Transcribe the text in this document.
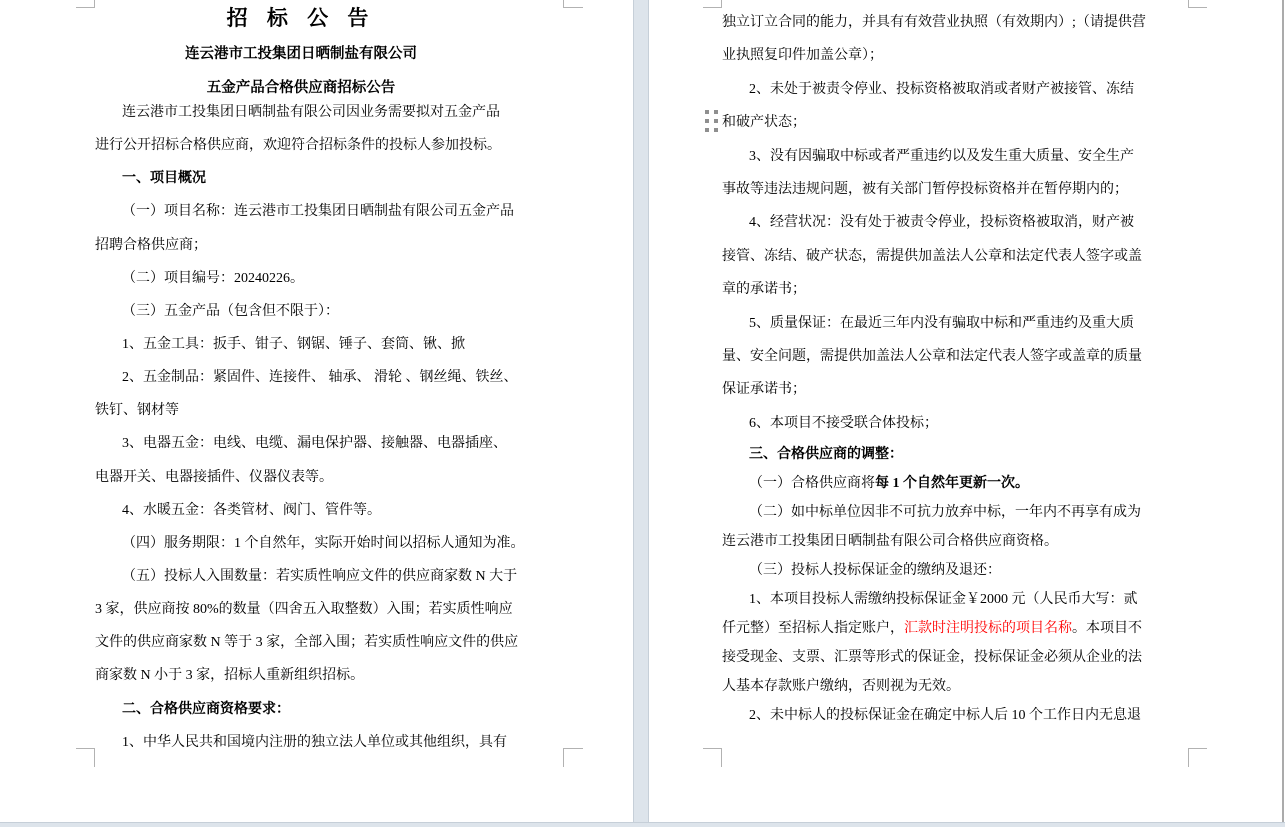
招 标 公 告
连云港市工投集团日晒制盐有限公司
五金产品合格供应商招标公告
连云港市工投集团日晒制盐有限公司因业务需要拟对五金产品
进行公开招标合格供应商，欢迎符合招标条件的投标人参加投标。
一、项目概况
（一）项目名称：连云港市工投集团日晒制盐有限公司五金产品
招聘合格供应商；
（二）项目编号：20240226。
（三）五金产品（包含但不限于）：
1、五金工具：扳手、钳子、钢锯、锤子、套筒、锹、掀
2、五金制品：紧固件、连接件、 轴承、 滑轮 、钢丝绳、铁丝、
铁钉、钢材等
3、电器五金：电线、电缆、漏电保护器、接触器、电器插座、
电器开关、电器接插件、仪器仪表等。
4、水暖五金：各类管材、阀门、管件等。
（四）服务期限：1 个自然年，实际开始时间以招标人通知为准。
（五）投标人入围数量：若实质性响应文件的供应商家数 N 大于
3 家，供应商按 80%的数量（四舍五入取整数）入围；若实质性响应
文件的供应商家数 N 等于 3 家，全部入围；若实质性响应文件的供应
商家数 N 小于 3 家，招标人重新组织招标。
二、合格供应商资格要求：
1、中华人民共和国境内注册的独立法人单位或其他组织，具有
独立订立合同的能力，并具有有效营业执照（有效期内）;（请提供营
业执照复印件加盖公章）；
2、未处于被责令停业、投标资格被取消或者财产被接管、冻结
和破产状态；
3、没有因骗取中标或者严重违约以及发生重大质量、安全生产
事故等违法违规问题，被有关部门暂停投标资格并在暂停期内的；
4、经营状况：没有处于被责令停业，投标资格被取消，财产被
接管、冻结、破产状态，需提供加盖法人公章和法定代表人签字或盖
章的承诺书；
5、质量保证：在最近三年内没有骗取中标和严重违约及重大质
量、安全问题，需提供加盖法人公章和法定代表人签字或盖章的质量
保证承诺书；
6、本项目不接受联合体投标；
三、合格供应商的调整：
（一）合格供应商将每 1 个自然年更新一次。
（二）如中标单位因非不可抗力放弃中标，一年内不再享有成为
连云港市工投集团日晒制盐有限公司合格供应商资格。
（三）投标人投标保证金的缴纳及退还：
1、本项目投标人需缴纳投标保证金￥2000 元（人民币大写：贰
仟元整）至招标人指定账户，汇款时注明投标的项目名称。本项目不
接受现金、支票、汇票等形式的保证金，投标保证金必须从企业的法
人基本存款账户缴纳，否则视为无效。
2、未中标人的投标保证金在确定中标人后 10 个工作日内无息退
